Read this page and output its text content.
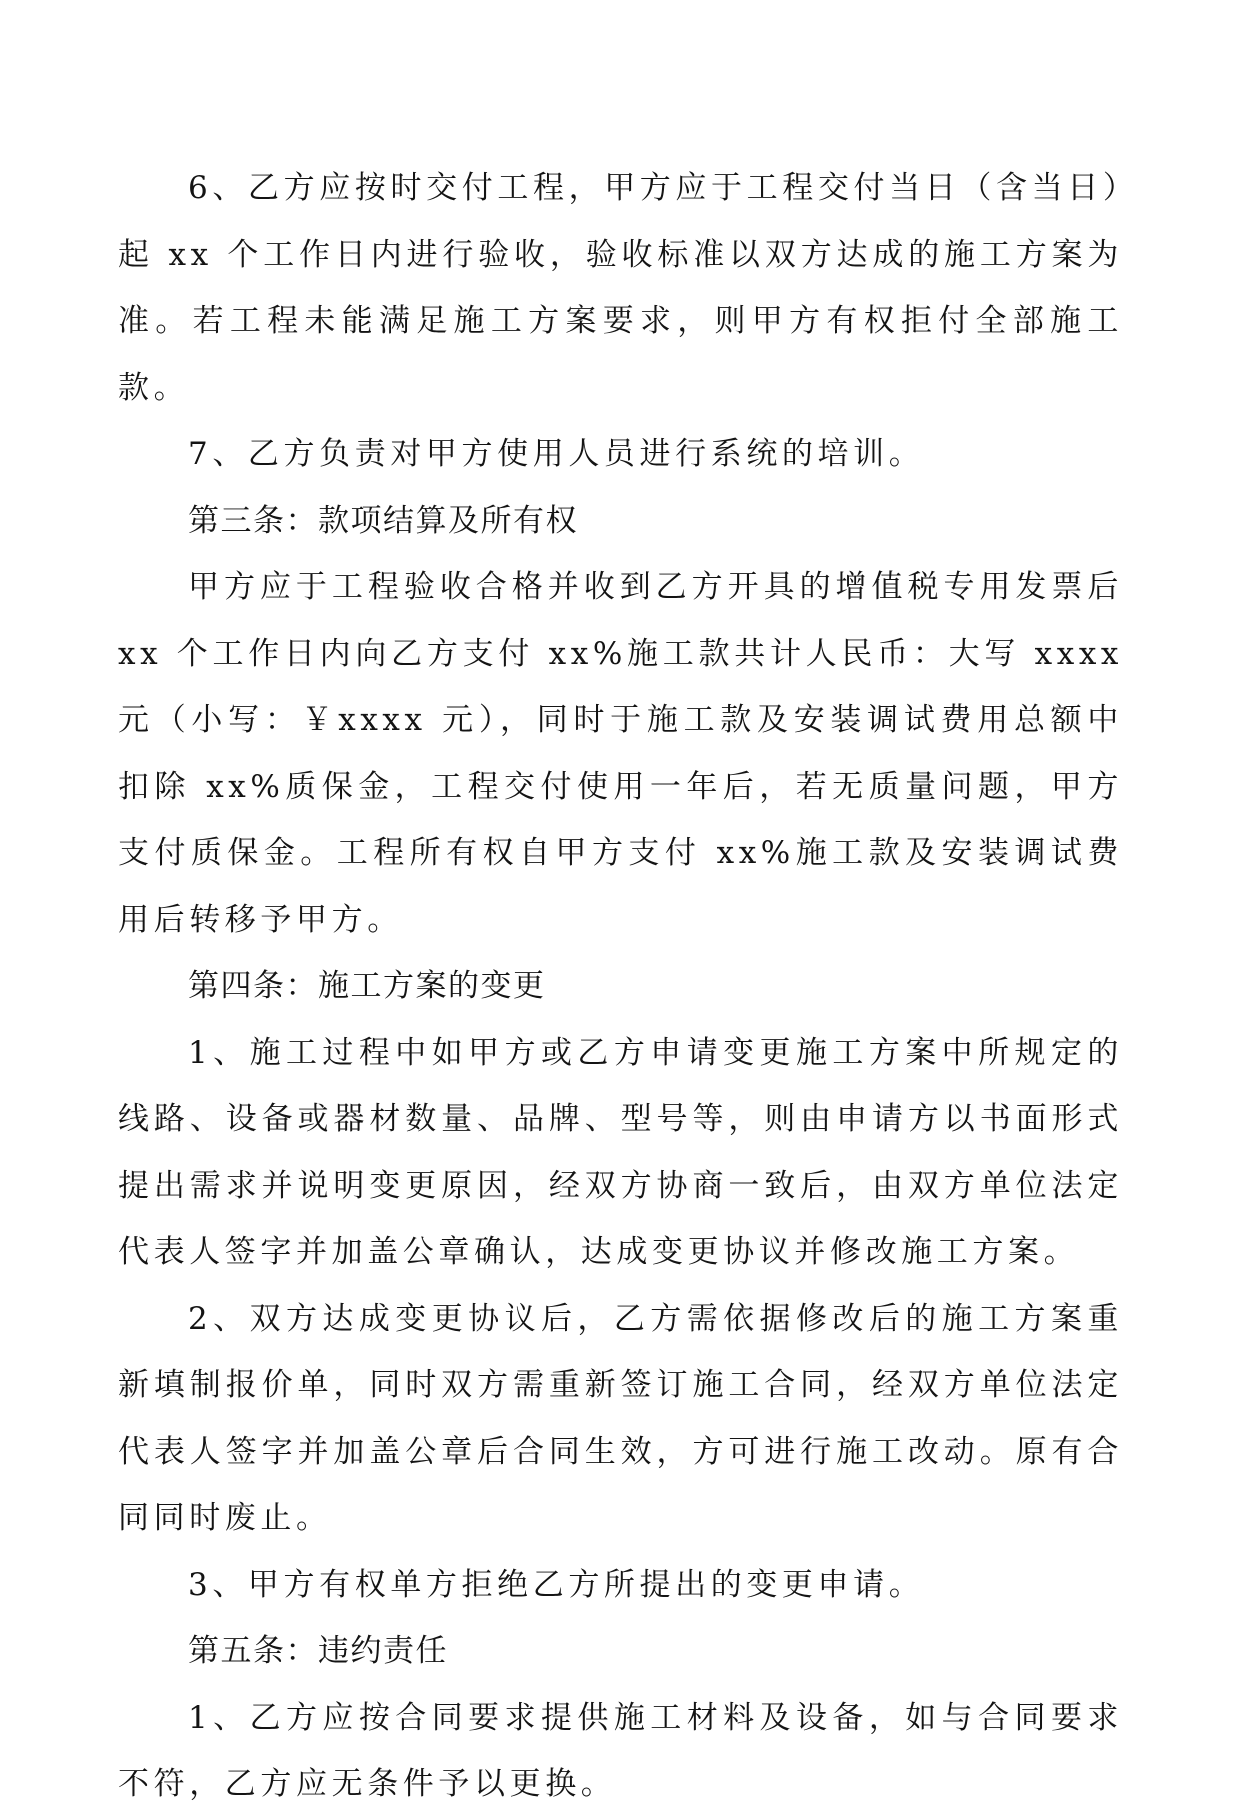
6、乙方应按时交付工程，甲方应于工程交付当日（含当日）起 xx 个工作日内进行验收，验收标准以双方达成的施工方案为准。若工程未能满足施工方案要求，则甲方有权拒付全部施工款。

7、乙方负责对甲方使用人员进行系统的培训。

第三条：款项结算及所有权

甲方应于工程验收合格并收到乙方开具的增值税专用发票后 xx 个工作日内向乙方支付 xx%施工款共计人民币：大写 xxxx 元（小写：￥xxxx 元），同时于施工款及安装调试费用总额中扣除 xx%质保金，工程交付使用一年后，若无质量问题，甲方支付质保金。工程所有权自甲方支付 xx%施工款及安装调试费用后转移予甲方。

第四条：施工方案的变更

1、施工过程中如甲方或乙方申请变更施工方案中所规定的线路、设备或器材数量、品牌、型号等，则由申请方以书面形式提出需求并说明变更原因，经双方协商一致后，由双方单位法定代表人签字并加盖公章确认，达成变更协议并修改施工方案。

2、双方达成变更协议后，乙方需依据修改后的施工方案重新填制报价单，同时双方需重新签订施工合同，经双方单位法定代表人签字并加盖公章后合同生效，方可进行施工改动。原有合同同时废止。

3、甲方有权单方拒绝乙方所提出的变更申请。

第五条：违约责任

1、乙方应按合同要求提供施工材料及设备，如与合同要求不符，乙方应无条件予以更换。
